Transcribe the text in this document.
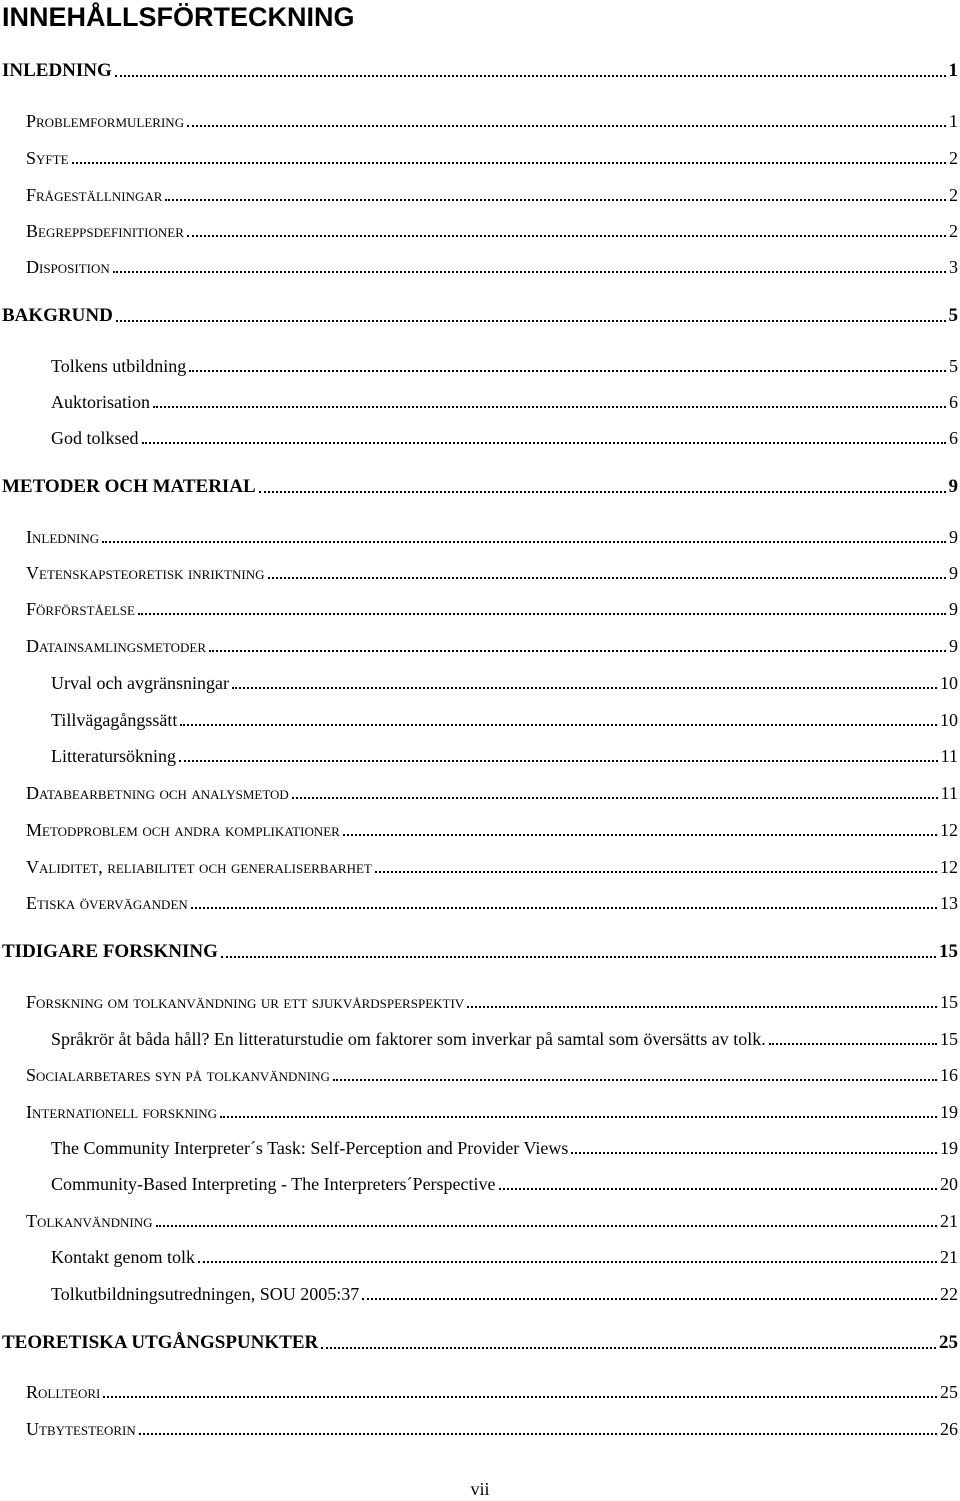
INNEHÅLLSFÖRTECKNING
INLEDNING	1
Problemformulering	1
Syfte	2
Frågeställningar	2
Begreppsdefinitioner	2
Disposition	3
BAKGRUND	5
Tolkens utbildning	5
Auktorisation	6
God tolksed	6
METODER OCH MATERIAL	9
Inledning	9
Vetenskapsteoretisk inriktning	9
Förförståelse	9
Datainsamlingsmetoder	9
Urval och avgränsningar	10
Tillvägagångssätt	10
Litteratursökning	11
Databearbetning och analysmetod	11
Metodproblem och andra komplikationer	12
Validitet, reliabilitet och generaliserbarhet	12
Etiska överväganden	13
TIDIGARE FORSKNING	15
Forskning om tolkanvändning ur ett sjukvårdsperspektiv	15
Språkrör åt båda håll? En litteraturstudie om faktorer som inverkar på samtal som översätts av tolk.	15
Socialarbetares syn på tolkanvändning	16
Internationell forskning	19
The Community Interpreter´s Task: Self-Perception and Provider Views	19
Community-Based Interpreting - The Interpreters´Perspective	20
Tolkanvändning	21
Kontakt genom tolk	21
Tolkutbildningsutredningen, SOU 2005:37	22
TEORETISKA UTGÅNGSPUNKTER	25
Rollteori	25
Utbytesteorin	26
vii
